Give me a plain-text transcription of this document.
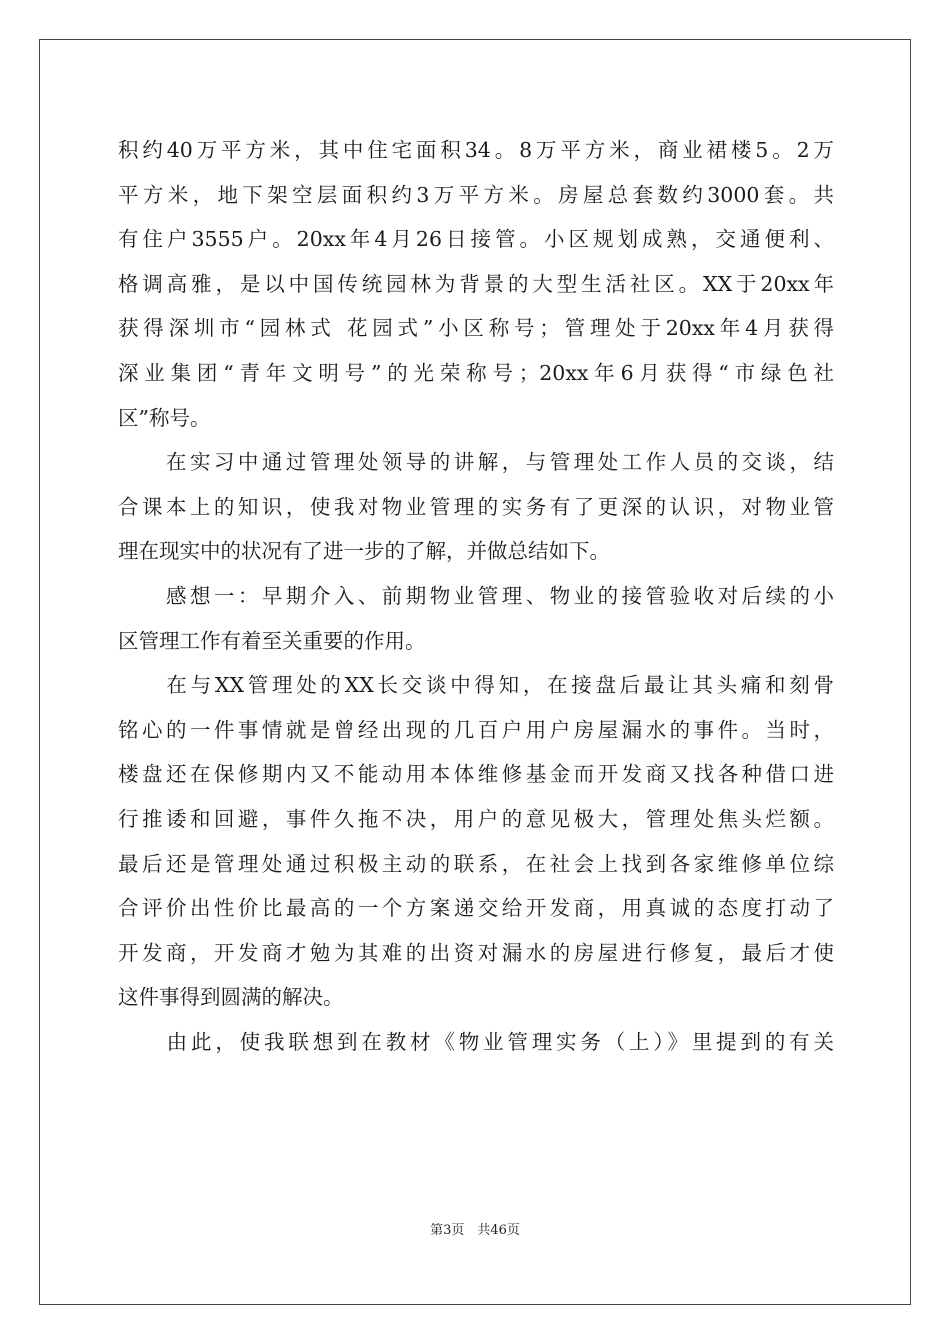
积约40万平方米，其中住宅面积34。8万平方米，商业裙楼5。2万
平方米，地下架空层面积约3万平方米。房屋总套数约3000套。共
有住户3555户。20xx年4月26日接管。小区规划成熟，交通便利、
格调高雅，是以中国传统园林为背景的大型生活社区。XX于20xx年
获得深圳市“园林式 花园式”小区称号；管理处于20xx年4月获得
深业集团“青年文明号”的光荣称号；20xx年6月获得“市绿色社
区”称号。
　　在实习中通过管理处领导的讲解，与管理处工作人员的交谈，结
合课本上的知识，使我对物业管理的实务有了更深的认识，对物业管
理在现实中的状况有了进一步的了解，并做总结如下。
　　感想一：早期介入、前期物业管理、物业的接管验收对后续的小
区管理工作有着至关重要的作用。
　　在与XX管理处的XX长交谈中得知，在接盘后最让其头痛和刻骨
铭心的一件事情就是曾经出现的几百户用户房屋漏水的事件。当时，
楼盘还在保修期内又不能动用本体维修基金而开发商又找各种借口进
行推诿和回避，事件久拖不决，用户的意见极大，管理处焦头烂额。
最后还是管理处通过积极主动的联系，在社会上找到各家维修单位综
合评价出性价比最高的一个方案递交给开发商，用真诚的态度打动了
开发商，开发商才勉为其难的出资对漏水的房屋进行修复，最后才使
这件事得到圆满的解决。
　　由此，使我联想到在教材《物业管理实务（上）》里提到的有关
第3页　共46页
